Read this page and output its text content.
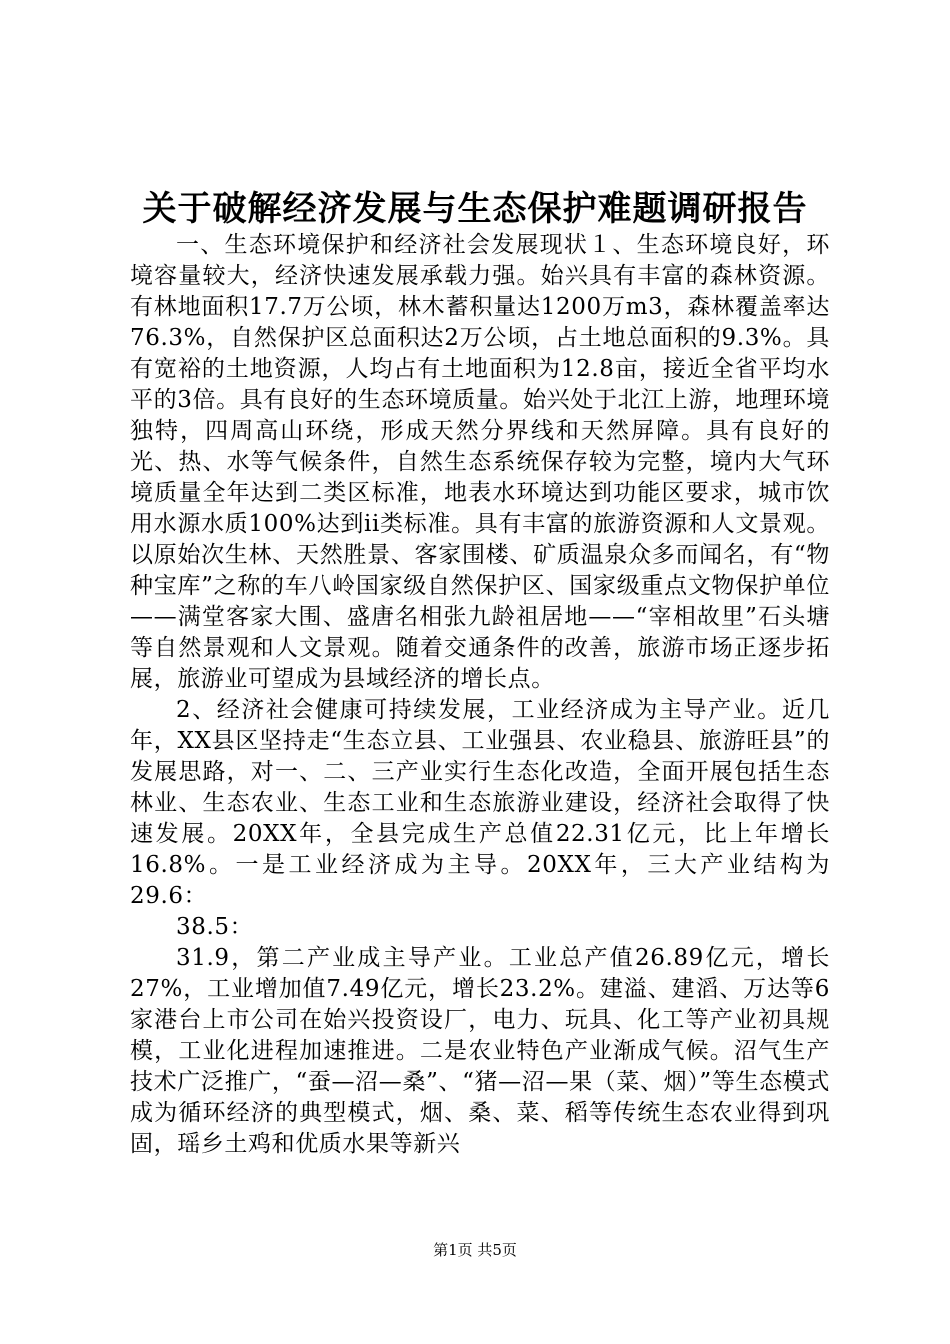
关于破解经济发展与生态保护难题调研报告

一、生态环境保护和经济社会发展现状１、生态环境良好，环境容量较大，经济快速发展承载力强。始兴具有丰富的森林资源。有林地面积17.7万公顷，林木蓄积量达1200万m3，森林覆盖率达76.3%，自然保护区总面积达2万公顷，占土地总面积的9.3%。具有宽裕的土地资源，人均占有土地面积为12.8亩，接近全省平均水平的3倍。具有良好的生态环境质量。始兴处于北江上游，地理环境独特，四周高山环绕，形成天然分界线和天然屏障。具有良好的光、热、水等气候条件，自然生态系统保存较为完整，境内大气环境质量全年达到二类区标准，地表水环境达到功能区要求，城市饮用水源水质100%达到ii类标准。具有丰富的旅游资源和人文景观。以原始次生林、天然胜景、客家围楼、矿质温泉众多而闻名，有“物种宝库”之称的车八岭国家级自然保护区、国家级重点文物保护单位——满堂客家大围、盛唐名相张九龄祖居地——“宰相故里”石头塘等自然景观和人文景观。随着交通条件的改善，旅游市场正逐步拓展，旅游业可望成为县域经济的增长点。

2、经济社会健康可持续发展，工业经济成为主导产业。近几年，XX县区坚持走“生态立县、工业强县、农业稳县、旅游旺县”的发展思路，对一、二、三产业实行生态化改造，全面开展包括生态林业、生态农业、生态工业和生态旅游业建设，经济社会取得了快速发展。20XX年，全县完成生产总值22.31亿元，比上年增长16.8%。一是工业经济成为主导。20XX年，三大产业结构为29.6：

38.5：

31.9，第二产业成主导产业。工业总产值26.89亿元，增长27%，工业增加值7.49亿元，增长23.2%。建溢、建滔、万达等6家港台上市公司在始兴投资设厂，电力、玩具、化工等产业初具规模，工业化进程加速推进。二是农业特色产业渐成气候。沼气生产技术广泛推广，“蚕—沼—桑”、“猪—沼—果（菜、烟）”等生态模式成为循环经济的典型模式，烟、桑、菜、稻等传统生态农业得到巩固，瑶乡土鸡和优质水果等新兴

第1页 共5页
